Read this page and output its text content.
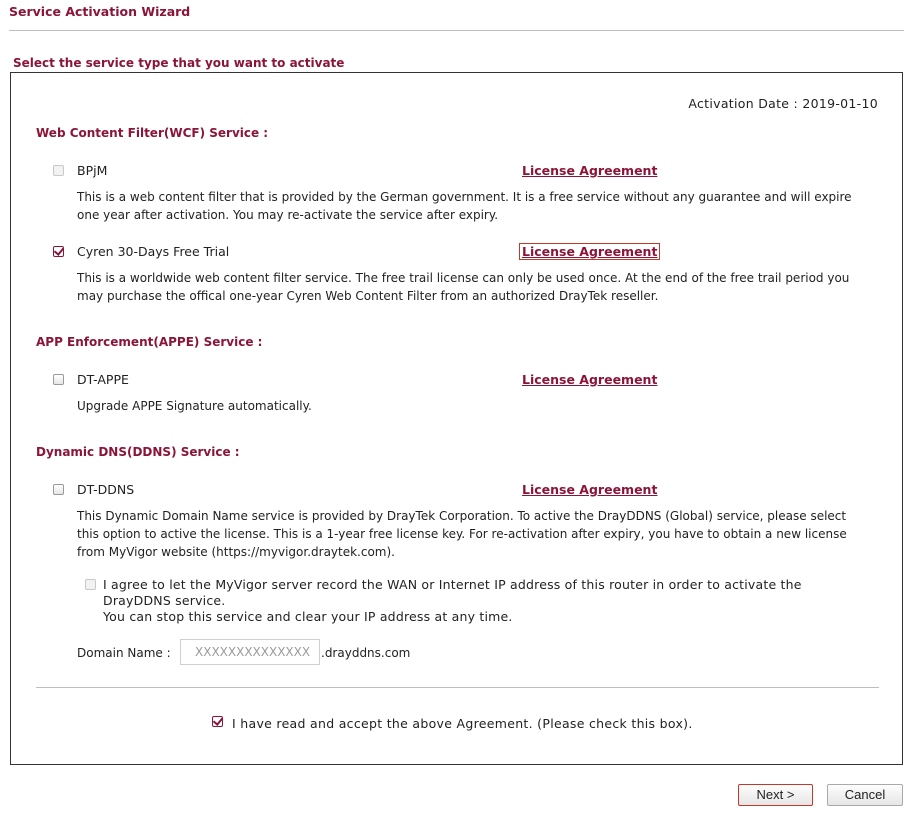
Service Activation Wizard
Select the service type that you want to activate
Activation Date : 2019-01-10
Web Content Filter(WCF) Service :
BPjM	License Agreement
This is a web content filter that is provided by the German government. It is a free service without any guarantee and will expire
one year after activation. You may re-activate the service after expiry.
Cyren 30-Days Free Trial	License Agreement
This is a worldwide web content filter service. The free trail license can only be used once. At the end of the free trail period you
may purchase the offical one-year Cyren Web Content Filter from an authorized DrayTek reseller.
APP Enforcement(APPE) Service :
DT-APPE	License Agreement
Upgrade APPE Signature automatically.
Dynamic DNS(DDNS) Service :
DT-DDNS	License Agreement
This Dynamic Domain Name service is provided by DrayTek Corporation. To active the DrayDDNS (Global) service, please select
this option to active the license. This is a 1-year free license key. For re-activation after expiry, you have to obtain a new license
from MyVigor website (https://myvigor.draytek.com).
I agree to let the MyVigor server record the WAN or Internet IP address of this router in order to activate the
DrayDDNS service.
You can stop this service and clear your IP address at any time.
Domain Name :
XXXXXXXXXXXXXX	.drayddns.com
I have read and accept the above Agreement. (Please check this box).
Next >	Cancel
